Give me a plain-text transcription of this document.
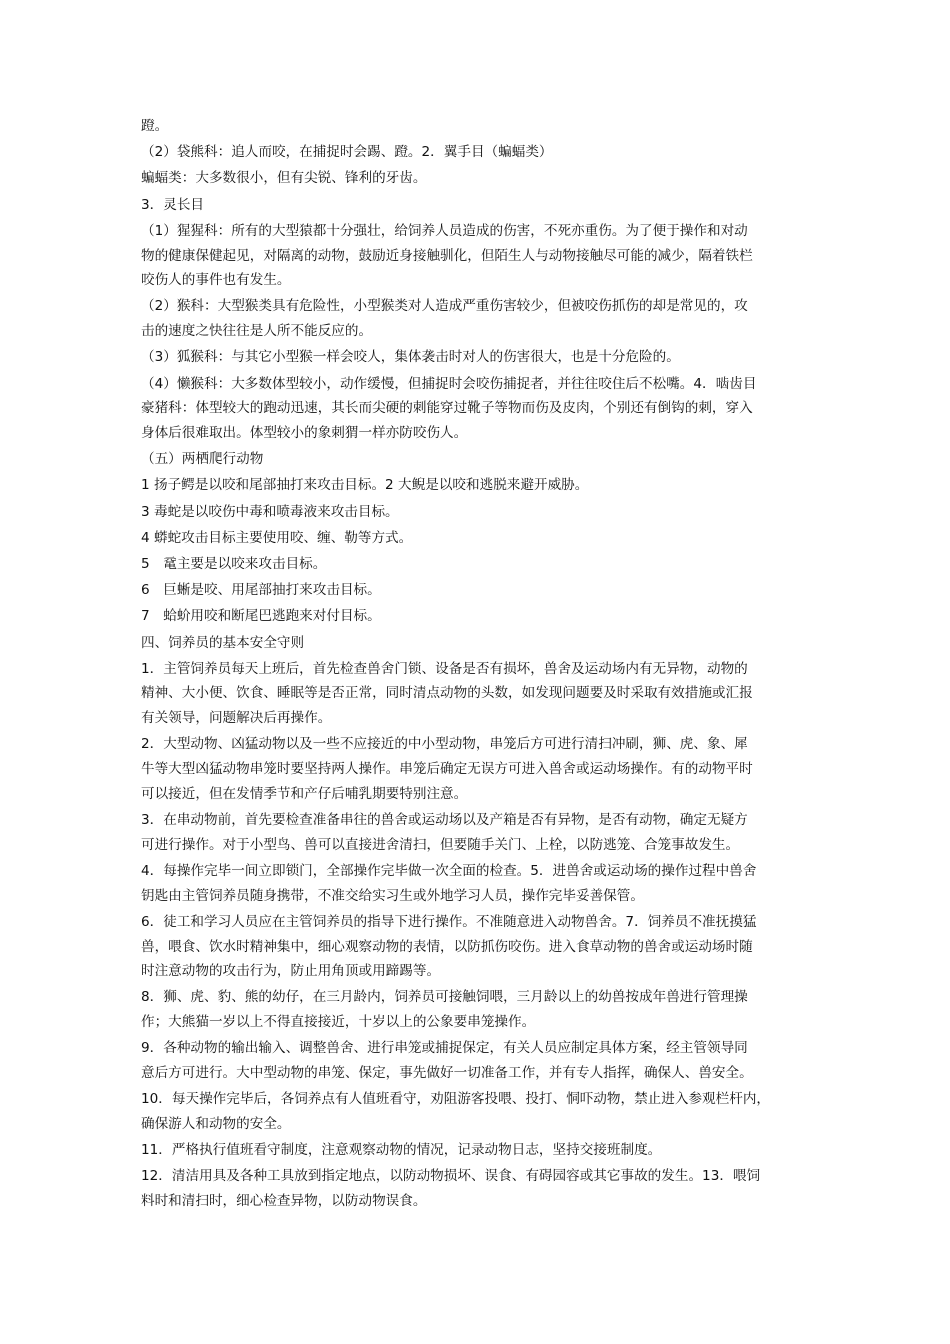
蹬。

（2）袋熊科：追人而咬，在捕捉时会踢、蹬。2．翼手目（蝙蝠类）

蝙蝠类：大多数很小，但有尖锐、锋利的牙齿。

3．灵长目

（1）猩猩科：所有的大型猿都十分强壮，给饲养人员造成的伤害，不死亦重伤。为了便于操作和对动
物的健康保健起见，对隔离的动物，鼓励近身接触驯化，但陌生人与动物接触尽可能的减少，隔着铁栏
咬伤人的事件也有发生。

（2）猴科：大型猴类具有危险性，小型猴类对人造成严重伤害较少，但被咬伤抓伤的却是常见的，攻
击的速度之快往往是人所不能反应的。

（3）狐猴科：与其它小型猴一样会咬人，集体袭击时对人的伤害很大，也是十分危险的。

（4）懒猴科：大多数体型较小，动作缓慢，但捕捉时会咬伤捕捉者，并往往咬住后不松嘴。4．啮齿目
豪猪科：体型较大的跑动迅速，其长而尖硬的刺能穿过靴子等物而伤及皮肉，个别还有倒钩的刺，穿入
身体后很难取出。体型较小的象刺猬一样亦防咬伤人。

（五）两栖爬行动物

1 扬子鳄是以咬和尾部抽打来攻击目标。2 大鲵是以咬和逃脱来避开威胁。

3 毒蛇是以咬伤中毒和喷毒液来攻击目标。

4 蟒蛇攻击目标主要使用咬、缠、勒等方式。

5　鼋主要是以咬来攻击目标。

6　巨蜥是咬、用尾部抽打来攻击目标。

7　蛤蚧用咬和断尾巴逃跑来对付目标。

四、饲养员的基本安全守则

1．主管饲养员每天上班后，首先检查兽舍门锁、设备是否有损坏，兽舍及运动场内有无异物，动物的
精神、大小便、饮食、睡眠等是否正常，同时清点动物的头数，如发现问题要及时采取有效措施或汇报
有关领导，问题解决后再操作。

2．大型动物、凶猛动物以及一些不应接近的中小型动物，串笼后方可进行清扫冲刷，狮、虎、象、犀
牛等大型凶猛动物串笼时要坚持两人操作。串笼后确定无误方可进入兽舍或运动场操作。有的动物平时
可以接近，但在发情季节和产仔后哺乳期要特别注意。

3．在串动物前，首先要检查准备串往的兽舍或运动场以及产箱是否有异物，是否有动物，确定无疑方
可进行操作。对于小型鸟、兽可以直接进舍清扫，但要随手关门、上栓，以防逃笼、合笼事故发生。

4．每操作完毕一间立即锁门，全部操作完毕做一次全面的检查。5．进兽舍或运动场的操作过程中兽舍
钥匙由主管饲养员随身携带，不准交给实习生或外地学习人员，操作完毕妥善保管。

6．徒工和学习人员应在主管饲养员的指导下进行操作。不准随意进入动物兽舍。7．饲养员不准抚摸猛
兽，喂食、饮水时精神集中，细心观察动物的表情，以防抓伤咬伤。进入食草动物的兽舍或运动场时随
时注意动物的攻击行为，防止用角顶或用蹄踢等。

8．狮、虎、豹、熊的幼仔，在三月龄内，饲养员可接触饲喂，三月龄以上的幼兽按成年兽进行管理操
作；大熊猫一岁以上不得直接接近，十岁以上的公象要串笼操作。

9．各种动物的输出输入、调整兽舍、进行串笼或捕捉保定，有关人员应制定具体方案，经主管领导同
意后方可进行。大中型动物的串笼、保定，事先做好一切准备工作，并有专人指挥，确保人、兽安全。

10．每天操作完毕后，各饲养点有人值班看守，劝阻游客投喂、投打、恫吓动物，禁止进入参观栏杆内，
确保游人和动物的安全。

11．严格执行值班看守制度，注意观察动物的情况，记录动物日志，坚持交接班制度。

12．清洁用具及各种工具放到指定地点，以防动物损坏、误食、有碍园容或其它事故的发生。13．喂饲
料时和清扫时，细心检查异物，以防动物误食。
